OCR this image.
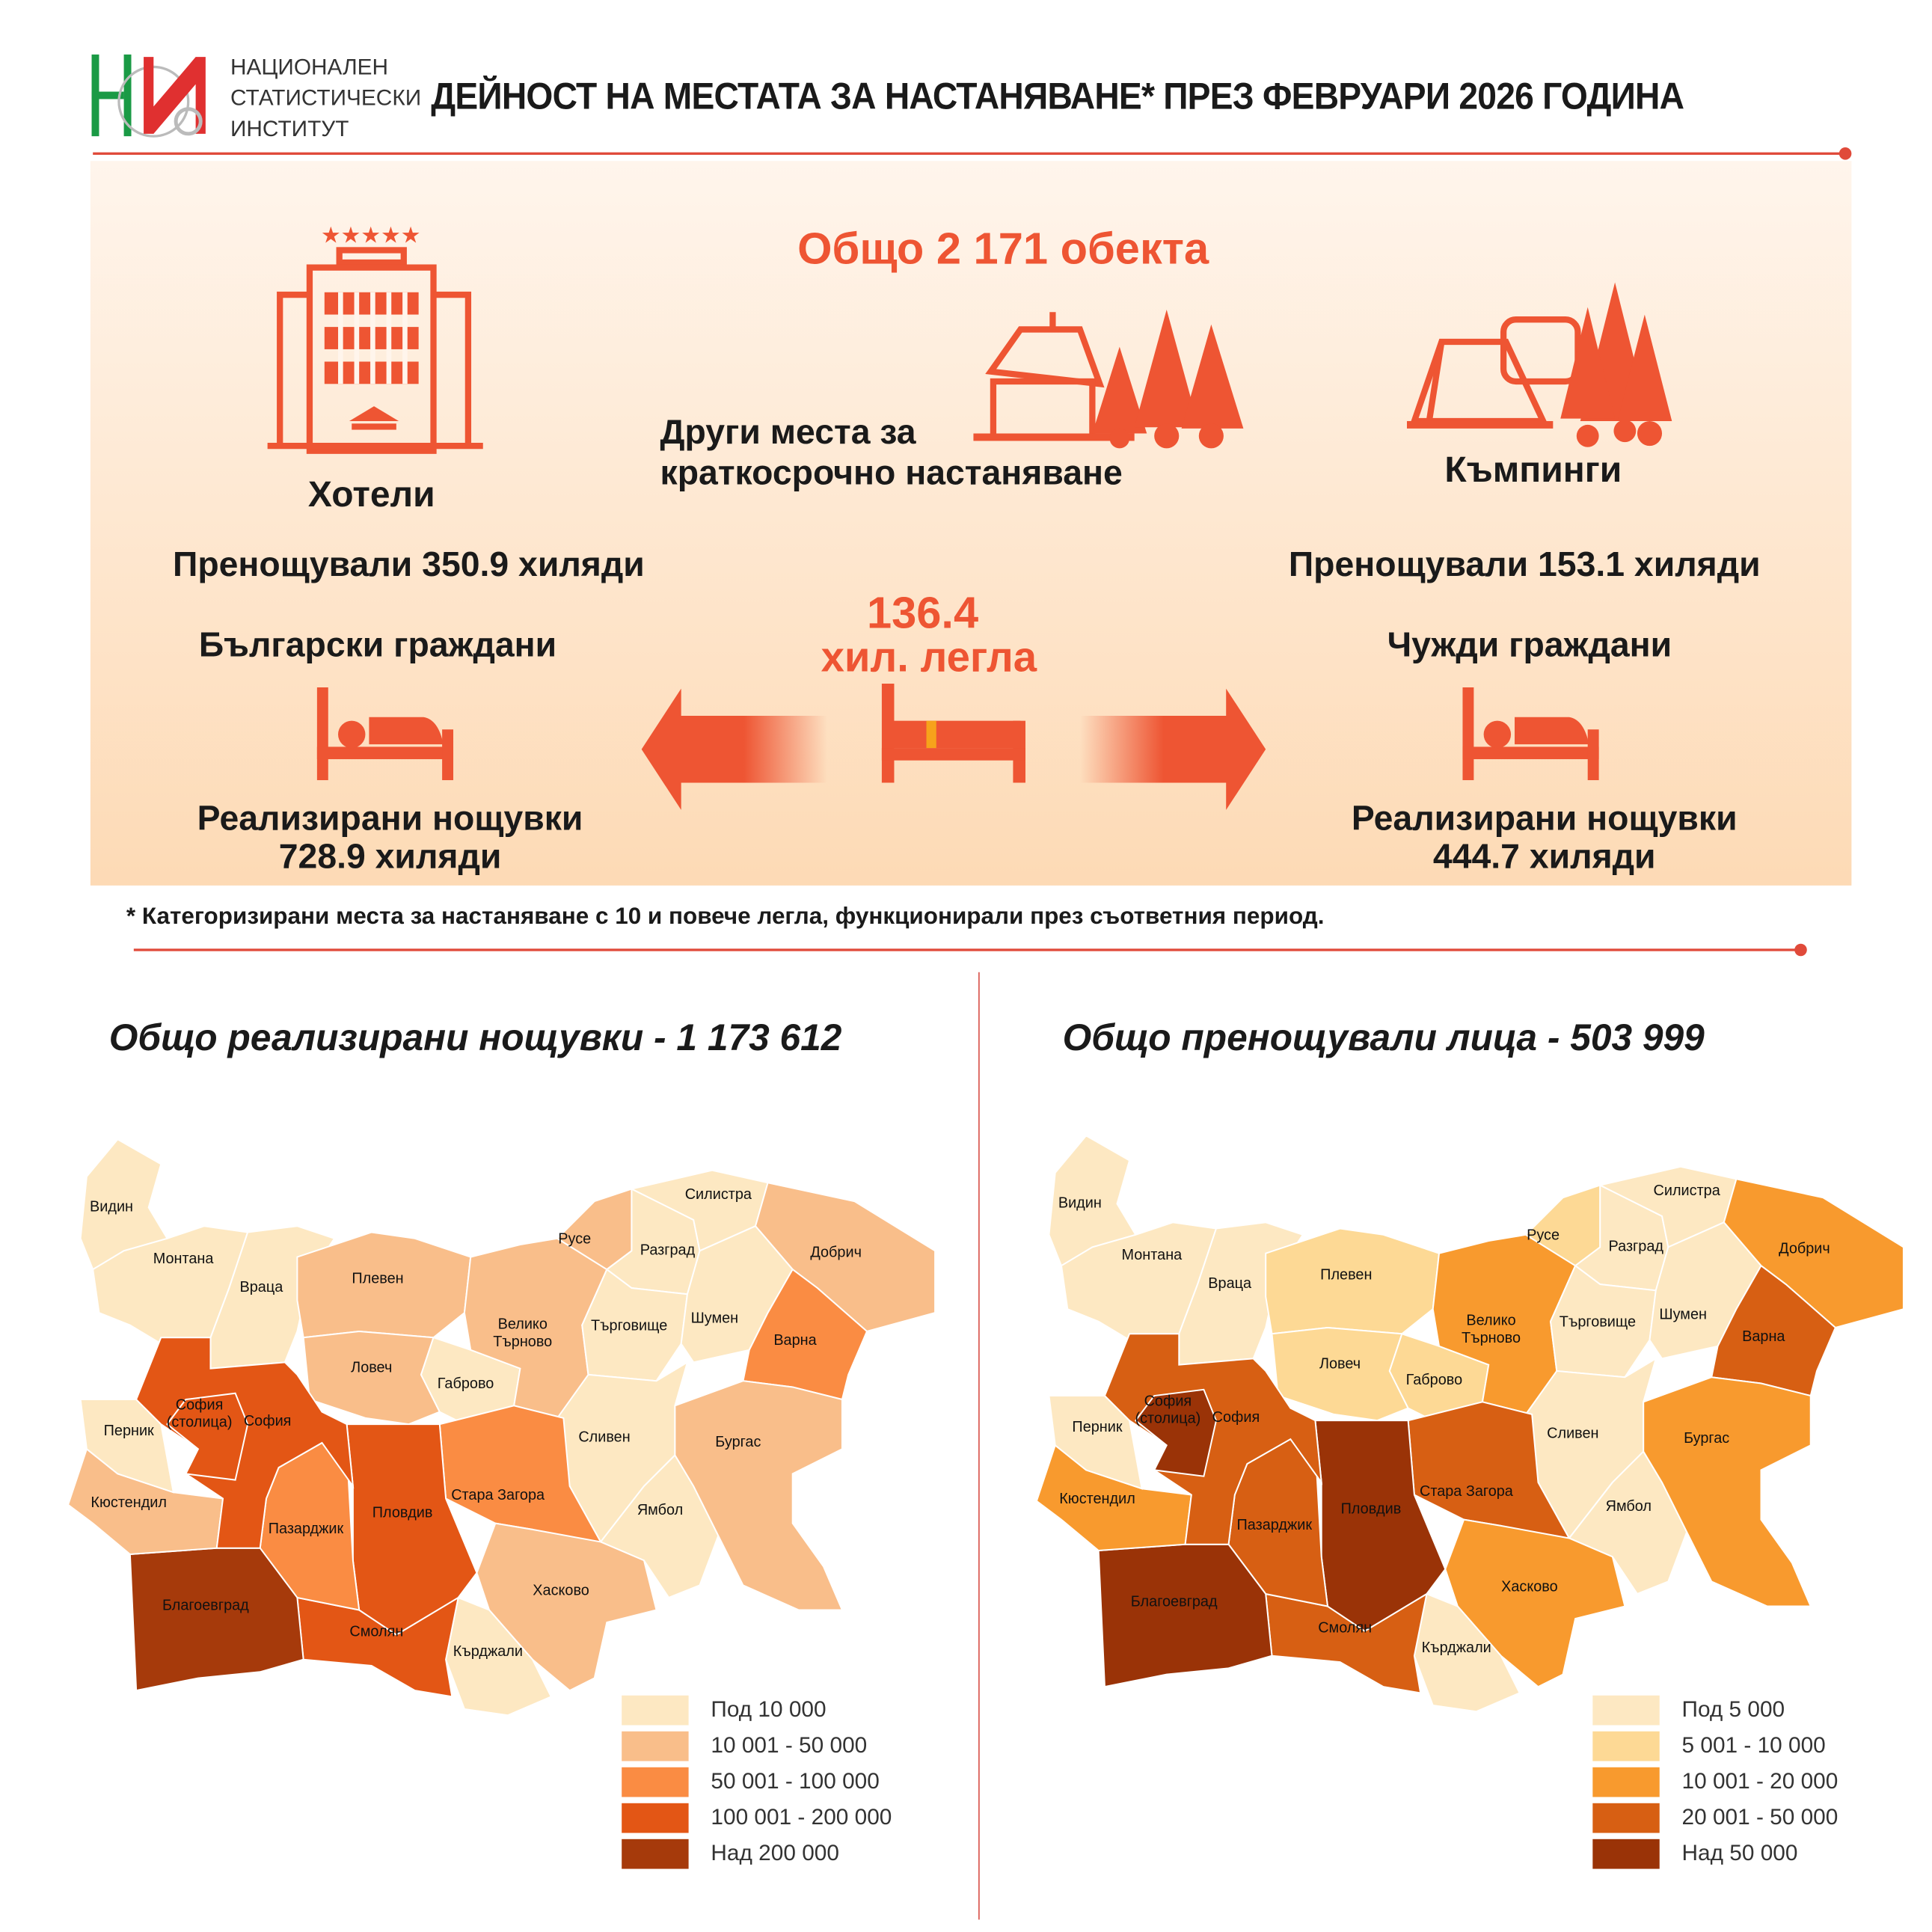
НАЦИОНАЛЕН
СТАТИСТИЧЕСКИ
ИНСТИТУТ
ДЕЙНОСТ НА МЕСТАТА ЗА НАСТАНЯВАНЕ* ПРЕЗ ФЕВРУАРИ 2026 ГОДИНА
★★★★★	Общо 2 171 обекта
Други места за
краткосрочно настаняване
Хотели
Къмпинги
Пренощували 350.9 хиляди	Пренощували 153.1 хиляди
136.4
хил. легла
Български граждани	Чужди граждани
Реализирани нощувки
728.9 хиляди
Реализирани нощувки
444.7 хиляди
* Категоризирани места за настаняване с 10 и повече легла, функционирали през съответния период.
Общо реализирани нощувки - 1 173 612	Общо пренощували лица - 503 999
Видин
Монтана
Враца
Плевен
Ловеч
Габрово
Велико
Търново
Русе
Разград
Силистра
Добрич
Търговище	Шумен
Варна
Сливен
Ямбол
Бургас
Стара Загора
Хасково
Кърджали
Смолян
Пловдив
Пазарджик
Благоевград
Кюстендил
Перник
София
София
(столица)
Видин
Монтана
Враца
Плевен
Ловеч
Габрово
Велико
Търново
Русе
Разград
Силистра
Добрич
Търговище	Шумен
Варна
Сливен
Ямбол
Бургас
Стара Загора
Хасково
Кърджали
Смолян
Пловдив
Пазарджик
Благоевград
Кюстендил
Перник
София
София
(столица)
Под 10 000
10 001 - 50 000
50 001 - 100 000
100 001 - 200 000
Над 200 000
Под 5 000
5 001 - 10 000
10 001 - 20 000
20 001 - 50 000
Над 50 000
